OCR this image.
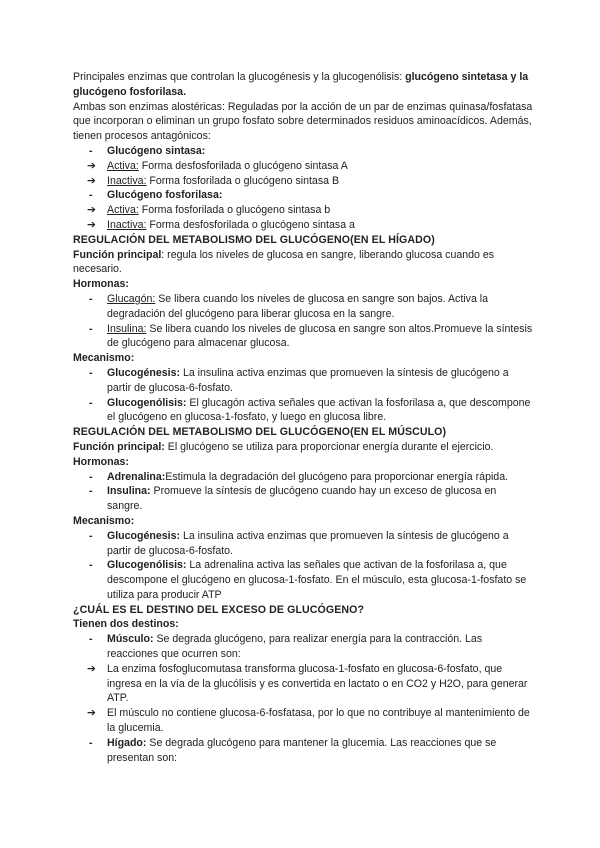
Principales enzimas que controlan la glucogénesis y la glucogenólisis: glucógeno sintetasa y la glucógeno fosforilasa.

Ambas son enzimas alostéricas: Reguladas por la acción de un par de enzimas quinasa/fosfatasa que incorporan o eliminan un grupo fosfato sobre determinados residuos aminoacídicos. Además, tienen procesos antagónicos:

-	Glucógeno sintasa:
➔	Activa: Forma desfosforilada o glucógeno sintasa A
➔	Inactiva: Forma fosforilada o glucógeno sintasa B
-	Glucógeno fosforilasa:
➔	Activa: Forma fosforilada o glucógeno sintasa b
➔	Inactiva: Forma desfosforilada o glucógeno sintasa a

REGULACIÓN DEL METABOLISMO DEL GLUCÓGENO(EN EL HÍGADO)

Función principal: regula los niveles de glucosa en sangre, liberando glucosa cuando es necesario.

Hormonas:

-	Glucagón: Se libera cuando los niveles de glucosa en sangre son bajos. Activa la degradación del glucógeno para liberar glucosa en la sangre.
-	Insulina: Se libera cuando los niveles de glucosa en sangre son altos.Promueve la síntesis de glucógeno para almacenar glucosa.

Mecanismo:

-	Glucogénesis: La insulina activa enzimas que promueven la síntesis de glucógeno a partir de glucosa-6-fosfato.
-	Glucogenólisis: El glucagón activa señales que activan la fosforilasa a, que descompone el glucógeno en glucosa-1-fosfato, y luego en glucosa libre.

REGULACIÓN DEL METABOLISMO DEL GLUCÓGENO(EN EL MÚSCULO)

Función principal: El glucógeno se utiliza para proporcionar energía durante el ejercicio.

Hormonas:

-	Adrenalina:Estimula la degradación del glucógeno para proporcionar energía rápida.
-	Insulina: Promueve la síntesis de glucógeno cuando hay un exceso de glucosa en sangre.

Mecanismo:

-	Glucogénesis: La insulina activa enzimas que promueven la síntesis de glucógeno a partir de glucosa-6-fosfato.
-	Glucogenólisis: La adrenalina activa las señales que activan de la fosforilasa a, que descompone el glucógeno en glucosa-1-fosfato. En el músculo, esta glucosa-1-fosfato se utiliza para producir ATP

¿CUÁL ES EL DESTINO DEL EXCESO DE GLUCÓGENO?

Tienen dos destinos:

-	Músculo: Se degrada glucógeno, para realizar energía para la contracción. Las reacciones que ocurren son:
➔	La enzima fosfoglucomutasa transforma glucosa-1-fosfato en glucosa-6-fosfato, que ingresa en la vía de la glucólisis y es convertida en lactato o en CO2 y H2O, para generar ATP.
➔	El músculo no contiene glucosa-6-fosfatasa, por lo que no contribuye al mantenimiento de la glucemia.
-	Hígado: Se degrada glucógeno para mantener la glucemia. Las reacciones que se presentan son:
